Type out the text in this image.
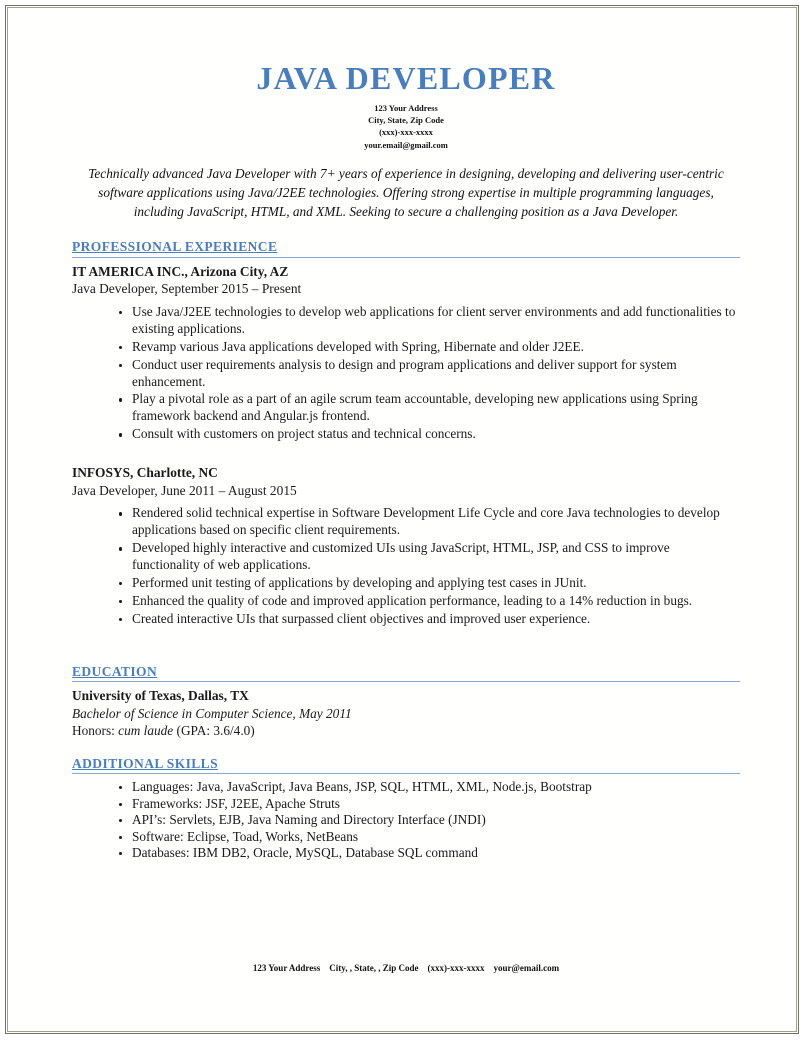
JAVA DEVELOPER
123 Your Address
City, State, Zip Code
(xxx)-xxx-xxxx
your.email@gmail.com

Technically advanced Java Developer with 7+ years of experience in designing, developing and delivering user-centric software applications using Java/J2EE technologies. Offering strong expertise in multiple programming languages, including JavaScript, HTML, and XML. Seeking to secure a challenging position as a Java Developer.

PROFESSIONAL EXPERIENCE
IT AMERICA INC., Arizona City, AZ
Java Developer, September 2015 – Present
Use Java/J2EE technologies to develop web applications for client server environments and add functionalities to existing applications.
Revamp various Java applications developed with Spring, Hibernate and older J2EE.
Conduct user requirements analysis to design and program applications and deliver support for system enhancement.
Play a pivotal role as a part of an agile scrum team accountable, developing new applications using Spring framework backend and Angular.js frontend.
Consult with customers on project status and technical concerns.
INFOSYS, Charlotte, NC
Java Developer, June 2011 – August 2015
Rendered solid technical expertise in Software Development Life Cycle and core Java technologies to develop applications based on specific client requirements.
Developed highly interactive and customized UIs using JavaScript, HTML, JSP, and CSS to improve functionality of web applications.
Performed unit testing of applications by developing and applying test cases in JUnit.
Enhanced the quality of code and improved application performance, leading to a 14% reduction in bugs.
Created interactive UIs that surpassed client objectives and improved user experience.
EDUCATION
University of Texas, Dallas, TX
Bachelor of Science in Computer Science, May 2011
Honors: cum laude (GPA: 3.6/4.0)
ADDITIONAL SKILLS
Languages: Java, JavaScript, Java Beans, JSP, SQL, HTML, XML, Node.js, Bootstrap
Frameworks: JSF, J2EE, Apache Struts
API’s: Servlets, EJB, Java Naming and Directory Interface (JNDI)
Software: Eclipse, Toad, Works, NetBeans
Databases: IBM DB2, Oracle, MySQL, Database SQL command
123 Your Address    City, , State, , Zip Code    (xxx)-xxx-xxxx    your@email.com
